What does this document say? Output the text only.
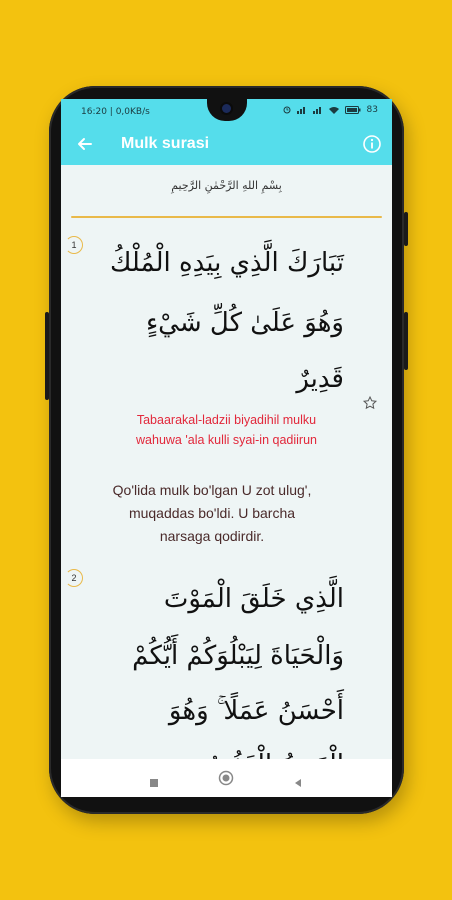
16:20 | 0,0KB/s	83
Mulk surasi
بِسْمِ اللهِ الرَّحْمٰنِ الرَّحِيمِ
1
تَبَارَكَ الَّذِي بِيَدِهِ الْمُلْكُ
وَهُوَ عَلَىٰ كُلِّ شَيْءٍ
قَدِيرٌ
Tabaarakal-ladzii biyadihil mulku
wahuwa 'ala kulli syai-in qadiirun
Qo'lida mulk bo'lgan U zot ulug',
muqaddas bo'ldi. U barcha
narsaga qodirdir.
2
الَّذِي خَلَقَ الْمَوْتَ
وَالْحَيَاةَ لِيَبْلُوَكُمْ أَيُّكُمْ
أَحْسَنُ عَمَلًا ۚ وَهُوَ
